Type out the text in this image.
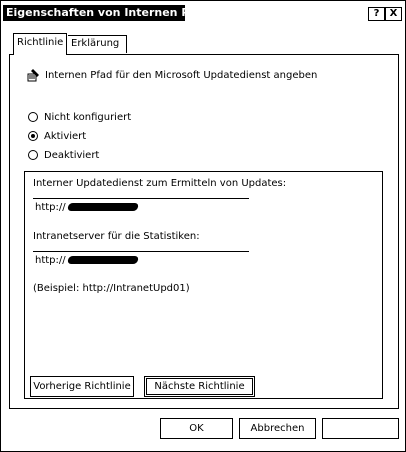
Eigenschaften von Internen Pfad	?	X
Richtlinie Erklärung
Internen Pfad für den Microsoft Updatedienst angeben
Nicht konfiguriert
Aktiviert
Deaktiviert
Interner Updatedienst zum Ermitteln von Updates:
http://
Intranetserver für die Statistiken:
http://
(Beispiel: http://IntranetUpd01)
Vorherige Richtlinie	Nächste Richtlinie
OK	Abbrechen
